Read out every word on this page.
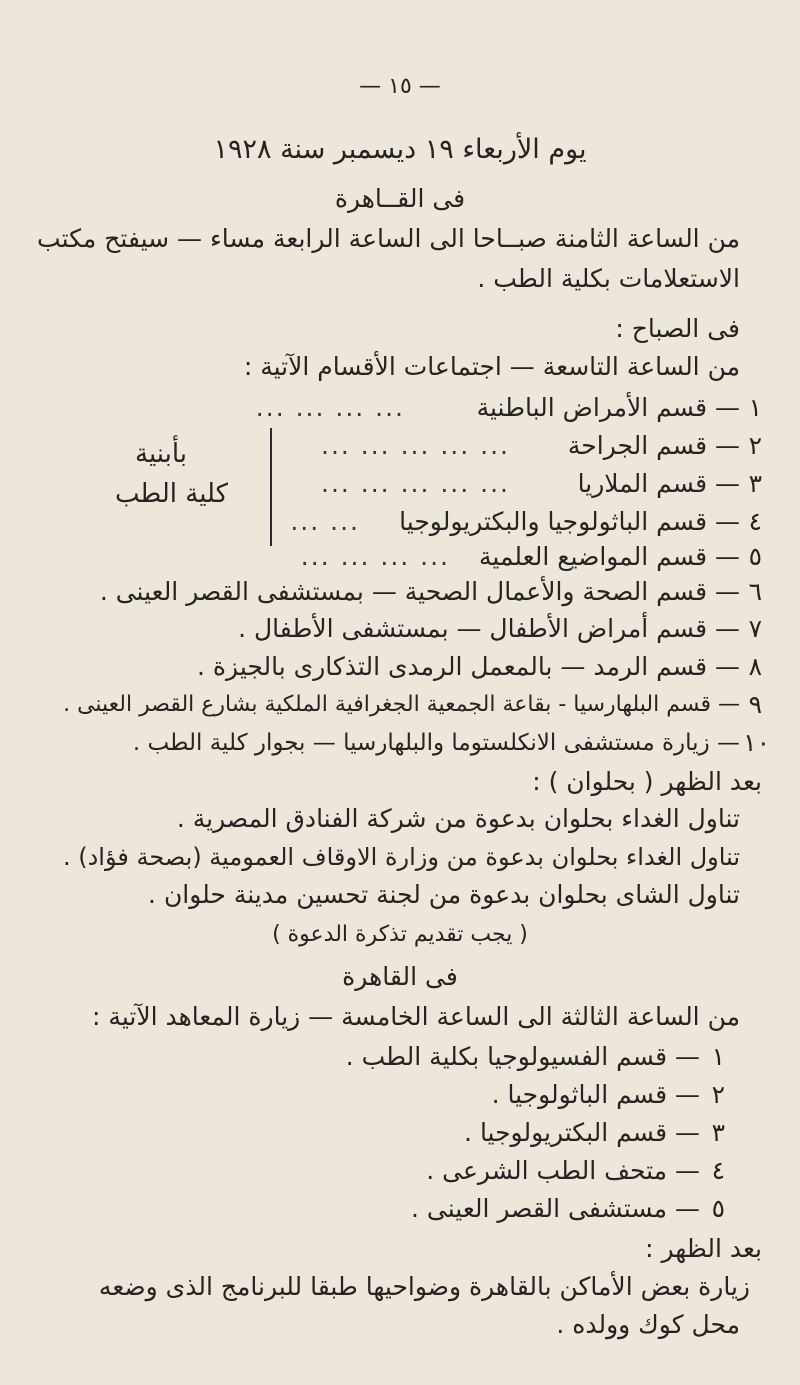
— ١٥ —
يوم الأربعاء ١٩ ديسمبر سنة ١٩٢٨
فى القــاهرة
من الساعة الثامنة صبــاحا الى الساعة الرابعة مساء — سيفتح مكتب
الاستعلامات بكلية الطب .
فى الصباح :
من الساعة التاسعة — اجتماعات الأقسام الآتية :
١
— قسم الأمراض الباطنية
... ... ... ...
٢
— قسم الجراحة
... ... ... ... ...
٣
— قسم الملاريا
... ... ... ... ...
٤
— قسم الباثولوجيا والبكتريولوجيا
... ...
٥
— قسم المواضيع العلمية
... ... ... ...
بأبنية
كلية الطب
٦
— قسم الصحة والأعمال الصحية — بمستشفى القصر العينى .
٧
— قسم أمراض الأطفال — بمستشفى الأطفال .
٨
— قسم الرمد — بالمعمل الرمدى التذكارى بالجيزة .
٩
— قسم البلهارسيا - بقاعة الجمعية الجغرافية الملكية بشارع القصر العينى .
١٠
— زيارة مستشفى الانكلستوما والبلهارسيا — بجوار كلية الطب .
بعد الظهر ( بحلوان ) :
تناول الغداء بحلوان بدعوة من شركة الفنادق المصرية .
تناول الغداء بحلوان بدعوة من وزارة الاوقاف العمومية (بصحة فؤاد) .
تناول الشاى بحلوان بدعوة من لجنة تحسين مدينة حلوان .
( يجب تقديم تذكرة الدعوة )
فى القاهرة
من الساعة الثالثة الى الساعة الخامسة — زيارة المعاهد الآتية :
١
— قسم الفسيولوجيا بكلية الطب .
٢
— قسم الباثولوجيا .
٣
— قسم البكتريولوجيا .
٤
— متحف الطب الشرعى .
٥
— مستشفى القصر العينى .
بعد الظهر :
زيارة بعض الأماكن بالقاهرة وضواحيها طبقا للبرنامج الذى وضعه
محل كوك وولده .
